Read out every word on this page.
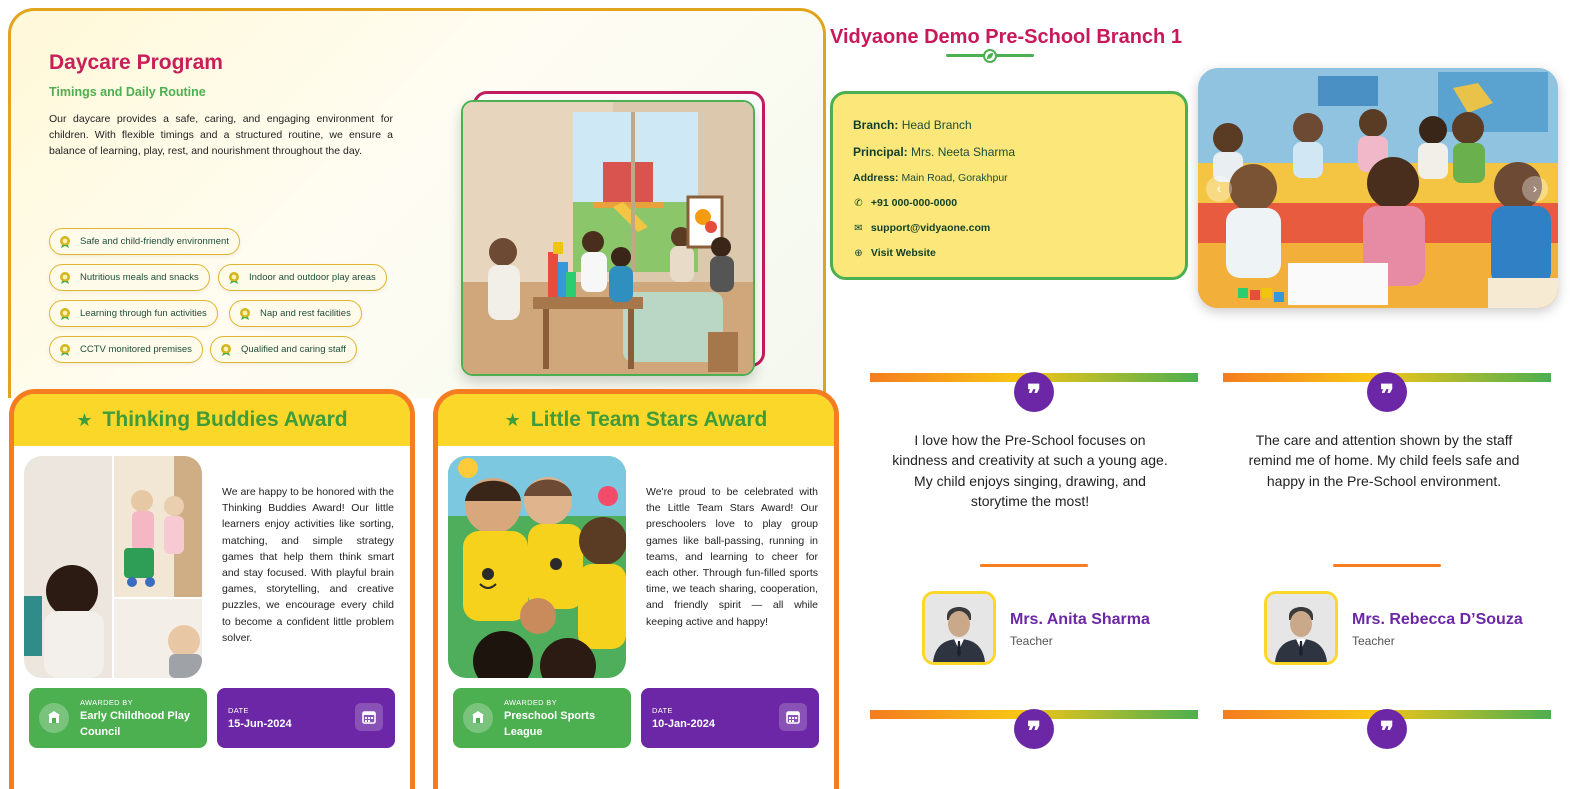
Daycare Program
Timings and Daily Routine

Our daycare provides a safe, caring, and engaging environment for children. With flexible timings and a structured routine, we ensure a balance of learning, play, rest, and nourishment throughout the day.

Safe and child-friendly environment
Nutritious meals and snacks	Indoor and outdoor play areas
Learning through fun activities	Nap and rest facilities
CCTV monitored premises	Qualified and caring staff
Vidyaone Demo Pre-School Branch 1
Branch: Head Branch
Principal: Mrs. Neeta Sharma
Address: Main Road, Gorakhpur
✆ +91 000-000-0000
✉ support@vidyaone.com
⊕ Visit Website
‹	›
★ Thinking Buddies Award

We are happy to be honored with the Thinking Buddies Award! Our little learners enjoy activities like sorting, matching, and simple strategy games that help them think smart and stay focused. With playful brain games, storytelling, and creative puzzles, we encourage every child to become a confident little problem solver.

AWARDED BY
Early Childhood Play Council
DATE
15-Jun-2024
★ Little Team Stars Award

We're proud to be celebrated with the Little Team Stars Award! Our preschoolers love to play group games like ball-passing, running in teams, and learning to cheer for each other. Through fun-filled sports time, we teach sharing, cooperation, and friendly spirit — all while keeping active and happy!

AWARDED BY
Preschool Sports League
DATE
10-Jan-2024
❞

I love how the Pre-School focuses on kindness and creativity at such a young age. My child enjoys singing, drawing, and storytime the most!

Mrs. Anita Sharma
Teacher
❞

The care and attention shown by the staff remind me of home. My child feels safe and happy in the Pre-School environment.

Mrs. Rebecca D’Souza
Teacher
❞	❞
